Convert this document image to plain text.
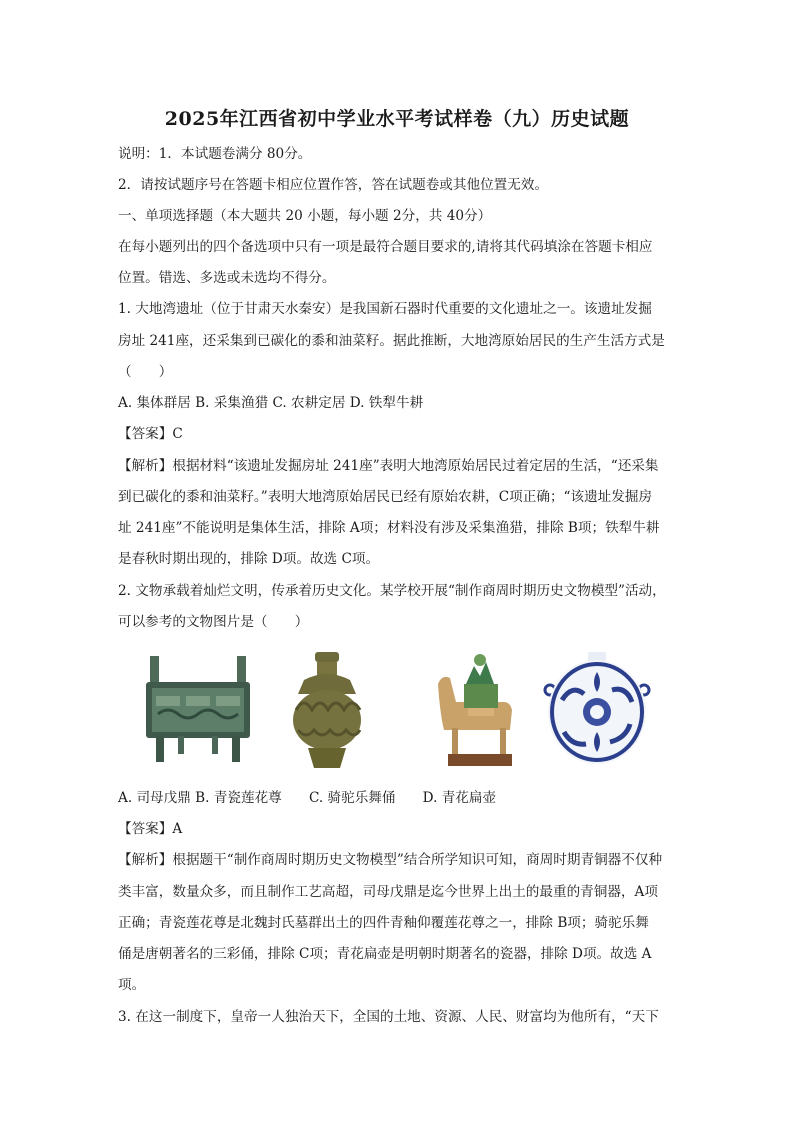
2025年江西省初中学业水平考试样卷（九）历史试题
说明：1．本试题卷满分 80分。
2．请按试题序号在答题卡相应位置作答，答在试题卷或其他位置无效。
一、单项选择题（本大题共 20 小题，每小题 2分，共 40分）
在每小题列出的四个备选项中只有一项是最符合题目要求的,请将其代码填涂在答题卡相应
位置。错选、多选或未选均不得分。
1. 大地湾遗址（位于甘肃天水秦安）是我国新石器时代重要的文化遗址之一。该遗址发掘
房址 241座，还采集到已碳化的黍和油菜籽。据此推断，大地湾原始居民的生产生活方式是
（　　）
A. 集体群居 B. 采集渔猎 C. 农耕定居 D. 铁犁牛耕
【答案】C
【解析】根据材料“该遗址发掘房址 241座”表明大地湾原始居民过着定居的生活，“还采集
到已碳化的黍和油菜籽。”表明大地湾原始居民已经有原始农耕，C项正确；“该遗址发掘房
址 241座”不能说明是集体生活，排除 A项；材料没有涉及采集渔猎，排除 B项；铁犁牛耕
是春秋时期出现的，排除 D项。故选 C项。
2. 文物承载着灿烂文明，传承着历史文化。某学校开展“制作商周时期历史文物模型”活动，
可以参考的文物图片是（　　）
A. 司母戊鼎 B. 青瓷莲花尊　　C. 骑驼乐舞俑　　D. 青花扁壶
【答案】A
【解析】根据题干“制作商周时期历史文物模型”结合所学知识可知，商周时期青铜器不仅种
类丰富，数量众多，而且制作工艺高超，司母戊鼎是迄今世界上出土的最重的青铜器，A项
正确；青瓷莲花尊是北魏封氏墓群出土的四件青釉仰覆莲花尊之一，排除 B项；骑驼乐舞
俑是唐朝著名的三彩俑，排除 C项；青花扁壶是明朝时期著名的瓷器，排除 D项。故选 A
项。
3. 在这一制度下，皇帝一人独治天下，全国的土地、资源、人民、财富均为他所有，“天下
